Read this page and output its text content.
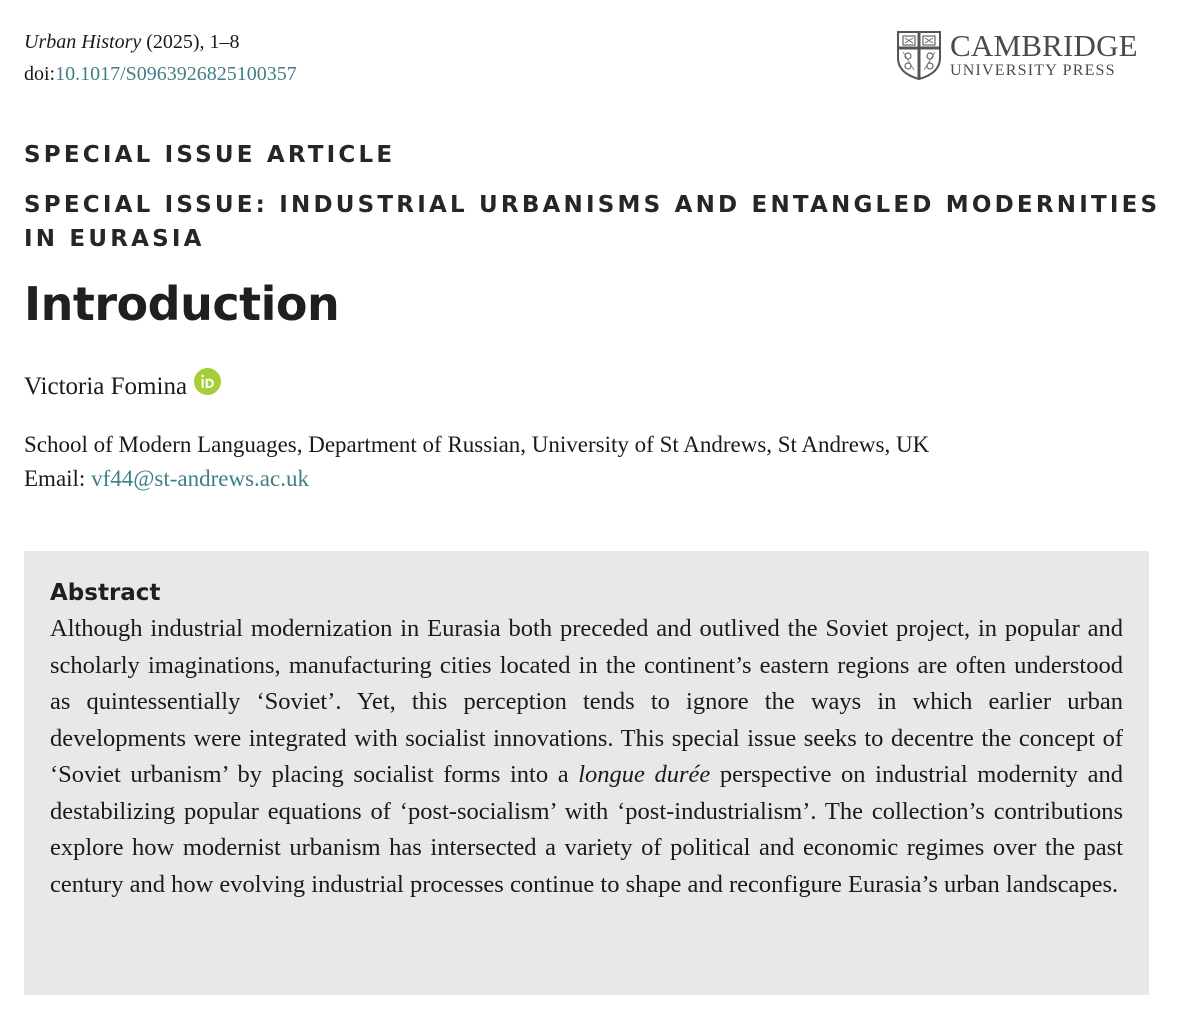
Urban History (2025), 1–8
doi:10.1017/S0963926825100357
CAMBRIDGE
UNIVERSITY PRESS
SPECIAL ISSUE ARTICLE
SPECIAL ISSUE: INDUSTRIAL URBANISMS AND ENTANGLED MODERNITIES IN EURASIA
Introduction
Victoria Fomina
School of Modern Languages, Department of Russian, University of St Andrews, St Andrews, UK
Email: vf44@st-andrews.ac.uk
Abstract
Although industrial modernization in Eurasia both preceded and outlived the Soviet project, in popular and scholarly imaginations, manufacturing cities located in the continent’s eastern regions are often understood as quintessentially ‘Soviet’. Yet, this perception tends to ignore the ways in which earlier urban developments were integrated with socialist innovations. This special issue seeks to decentre the concept of ‘Soviet urbanism’ by placing socialist forms into a longue durée perspective on industrial modernity and destabilizing popular equations of ‘post-socialism’ with ‘post-industrialism’. The collection’s contributions explore how modernist urbanism has intersected a variety of political and economic regimes over the past century and how evolving industrial processes continue to shape and reconfigure Eurasia’s urban landscapes.
